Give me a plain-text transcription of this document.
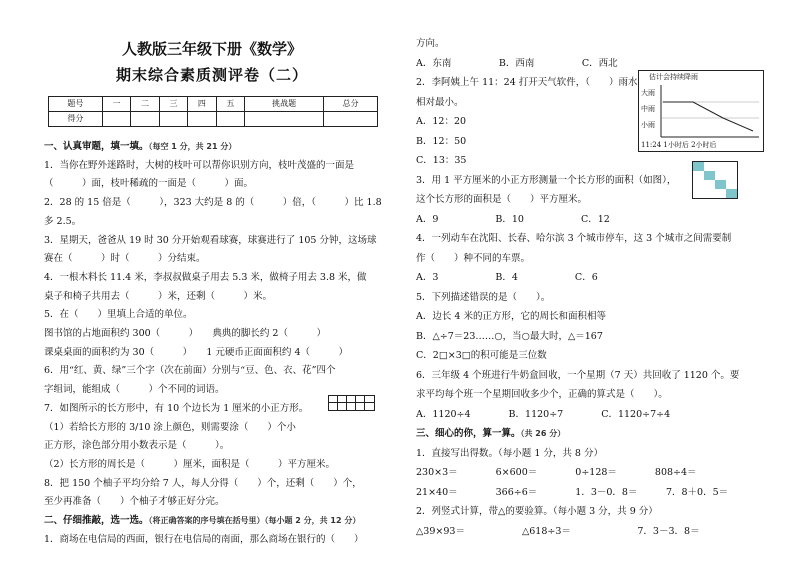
人教版三年级下册《数学》
期末综合素质测评卷（二）
题号	一	二	三	四	五	挑战题	总分
得分							
一、认真审题，填一填。（每空 1 分，共 21 分）
1．当你在野外迷路时，大树的枝叶可以帮你识别方向，枝叶茂盛的一面是
（　　　）面，枝叶稀疏的一面是（　　　）面。
2．28 的 15 倍是（　　　），323 大约是 8 的（　　　）倍，（　　　）比 1.8
多 2.5。
3．星期天，爸爸从 19 时 30 分开始观看球赛，球赛进行了 105 分钟，这场球
赛在（　　　）时（　　　）分结束。
4．一根木料长 11.4 米，李叔叔做桌子用去 5.3 米，做椅子用去 3.8 米，做
桌子和椅子共用去（　　　）米，还剩（　　　）米。
5．在（　　）里填上合适的单位。
图书馆的占地面积约 300（　　　）　　典典的脚长约 2（　　　）
课桌桌面的面积约为 30（　　　）　　1 元硬币正面面积约 4（　　　）
6．用“红、黄、绿”三个字（次在前面）分别与“豆、色、衣、花”四个
字组词，能组成（　　　）个不同的词语。
7．如图所示的长方形中，有 10 个边长为 1 厘米的小正方形。
（1）若给长方形的 3/10 涂上颜色，则需要涂（　　）个小
正方形，涂色部分用小数表示是（　　　）。
（2）长方形的周长是（　　　）厘米，面积是（　　　）平方厘米。
8．把 150 个柚子平均分给 7 人，每人分得（　　）个，还剩（　　）个，
至少再准备（　　）个柚子才够正好分完。
二、仔细推敲，选一选。（将正确答案的序号填在括号里）（每小题 2 分，共 12 分）
1．商场在电信局的西面，银行在电信局的南面，那么商场在银行的（　　）
方向。
A．东南　　　　　B．西南　　　　　C．西北
2．李阿姨上午 11：24 打开天气软件，（　　）雨水
相对最小。
A．12：20
B．12：50
C．13：35
3．用 1 平方厘米的小正方形测量一个长方形的面积（如图），
这个长方形的面积是（　　）平方厘米。
A．9　　　　　　B．10　　　　　　C．12
4．一列动车在沈阳、长春、哈尔滨 3 个城市停车，这 3 个城市之间需要制
作（　　）种不同的车票。
A．3　　　　　　B．4　　　　　　C．6
5．下列描述错误的是（　　）。
A．边长 4 米的正方形，它的周长和面积相等
B．△÷7＝23……○，当○最大时，△＝167
C．2□×3□的积可能是三位数
6．三年级 4 个班进行牛奶盒回收，一个星期（7 天）共回收了 1120 个。要
求平均每个班一个星期回收多少个，正确的算式是（　　）。
A．1120÷4　　　　B．1120÷7　　　　C．1120÷7÷4
三、细心的你，算一算。（共 26 分）
1．直接写出得数。（每小题 1 分，共 8 分）
230×3＝　　　　6×600＝　　　　0÷128＝　　　　808÷4＝
21×40＝　　　　366÷6＝　　　　1．3－0．8＝　　　7．8＋0．5＝
2．列竖式计算，带△的要验算。（每小题 3 分，共 9 分）
△39×93＝　　　　　　△618÷3＝　　　　　　　7．3－3．8＝
估计会持续降雨
大雨
中雨
小雨
11:24 1小时后 2小时后
